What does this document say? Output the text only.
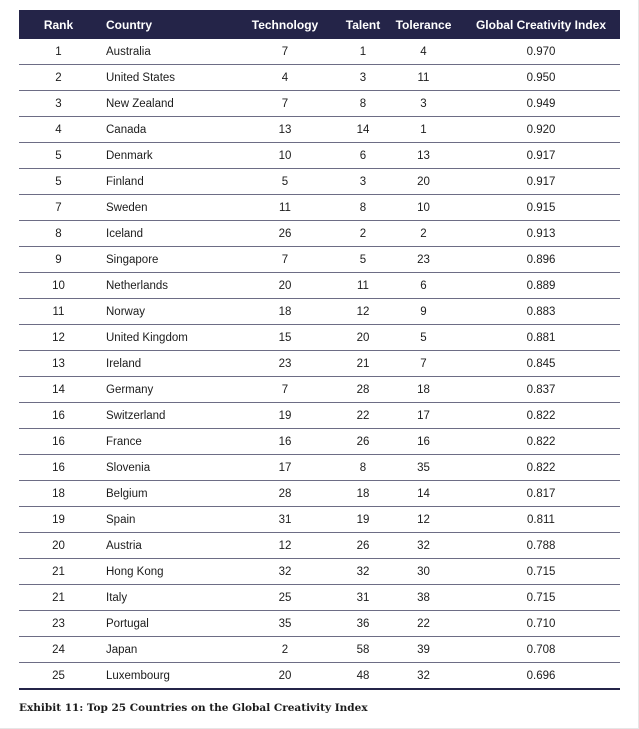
Rank	Country	Technology	Talent	Tolerance	Global Creativity Index
1	Australia	7	1	4	0.970
2	United States	4	3	11	0.950
3	New Zealand	7	8	3	0.949
4	Canada	13	14	1	0.920
5	Denmark	10	6	13	0.917
5	Finland	5	3	20	0.917
7	Sweden	11	8	10	0.915
8	Iceland	26	2	2	0.913
9	Singapore	7	5	23	0.896
10	Netherlands	20	11	6	0.889
11	Norway	18	12	9	0.883
12	United Kingdom	15	20	5	0.881
13	Ireland	23	21	7	0.845
14	Germany	7	28	18	0.837
16	Switzerland	19	22	17	0.822
16	France	16	26	16	0.822
16	Slovenia	17	8	35	0.822
18	Belgium	28	18	14	0.817
19	Spain	31	19	12	0.811
20	Austria	12	26	32	0.788
21	Hong Kong	32	32	30	0.715
21	Italy	25	31	38	0.715
23	Portugal	35	36	22	0.710
24	Japan	2	58	39	0.708
25	Luxembourg	20	48	32	0.696
Exhibit 11: Top 25 Countries on the Global Creativity Index
